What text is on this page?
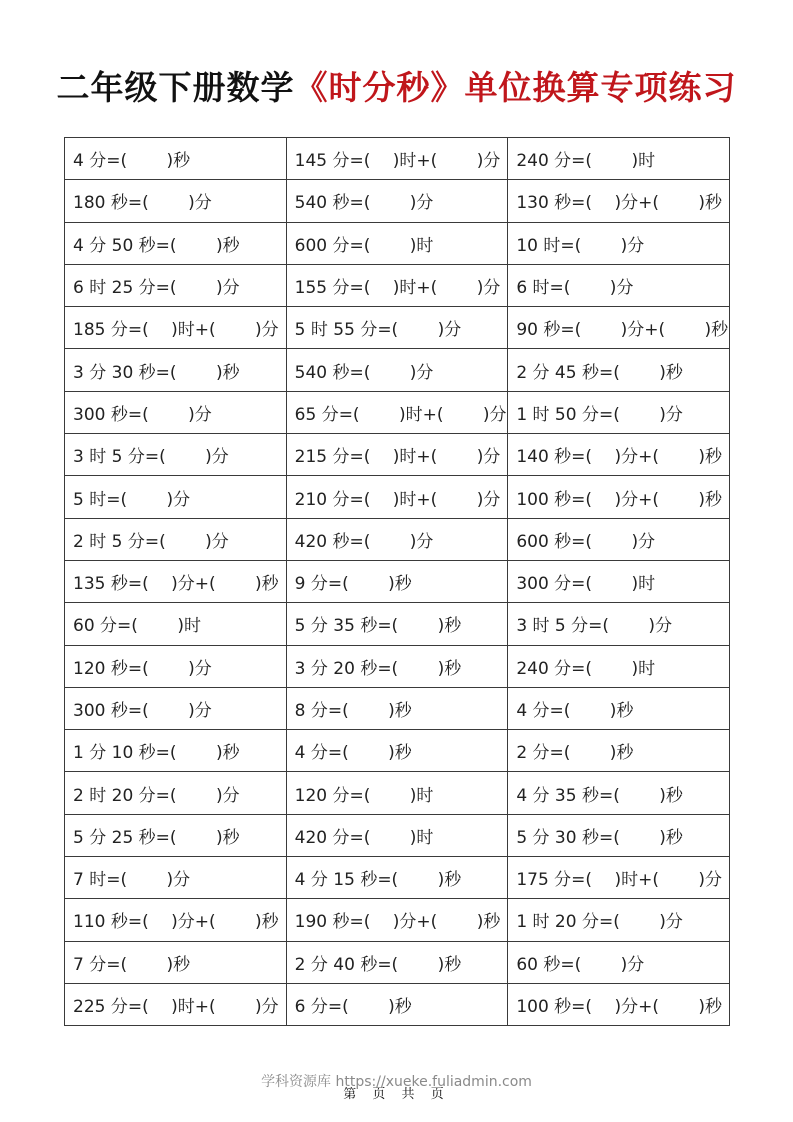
二年级下册数学《时分秒》单位换算专项练习
4 分=(　 　)秒	145 分=(　 )时+(　 　)分	240 分=(　 　)时
180 秒=(　 　)分	540 秒=(　 　)分	130 秒=(　 )分+(　 　)秒
4 分 50 秒=(　 　)秒	600 分=(　 　)时	10 时=(　 　)分
6 时 25 分=(　 　)分	155 分=(　 )时+(　 　)分	6 时=(　 　)分
185 分=(　 )时+(　 　)分	5 时 55 分=(　 　)分	90 秒=(　 　)分+(　 　)秒
3 分 30 秒=(　 　)秒	540 秒=(　 　)分	2 分 45 秒=(　 　)秒
300 秒=(　 　)分	65 分=(　 　)时+(　 　)分	1 时 50 分=(　 　)分
3 时 5 分=(　 　)分	215 分=(　 )时+(　 　)分	140 秒=(　 )分+(　 　)秒
5 时=(　 　)分	210 分=(　 )时+(　 　)分	100 秒=(　 )分+(　 　)秒
2 时 5 分=(　 　)分	420 秒=(　 　)分	600 秒=(　 　)分
135 秒=(　 )分+(　 　)秒	9 分=(　 　)秒	300 分=(　 　)时
60 分=(　 　)时	5 分 35 秒=(　 　)秒	3 时 5 分=(　 　)分
120 秒=(　 　)分	3 分 20 秒=(　 　)秒	240 分=(　 　)时
300 秒=(　 　)分	8 分=(　 　)秒	4 分=(　 　)秒
1 分 10 秒=(　 　)秒	4 分=(　 　)秒	2 分=(　 　)秒
2 时 20 分=(　 　)分	120 分=(　 　)时	4 分 35 秒=(　 　)秒
5 分 25 秒=(　 　)秒	420 分=(　 　)时	5 分 30 秒=(　 　)秒
7 时=(　 　)分	4 分 15 秒=(　 　)秒	175 分=(　 )时+(　 　)分
110 秒=(　 )分+(　 　)秒	190 秒=(　 )分+(　 　)秒	1 时 20 分=(　 　)分
7 分=(　 　)秒	2 分 40 秒=(　 　)秒	60 秒=(　 　)分
225 分=(　 )时+(　 　)分	6 分=(　 　)秒	100 秒=(　 )分+(　 　)秒
学科资源库 https://xueke.fuliadmin.com
第 页 共 页
